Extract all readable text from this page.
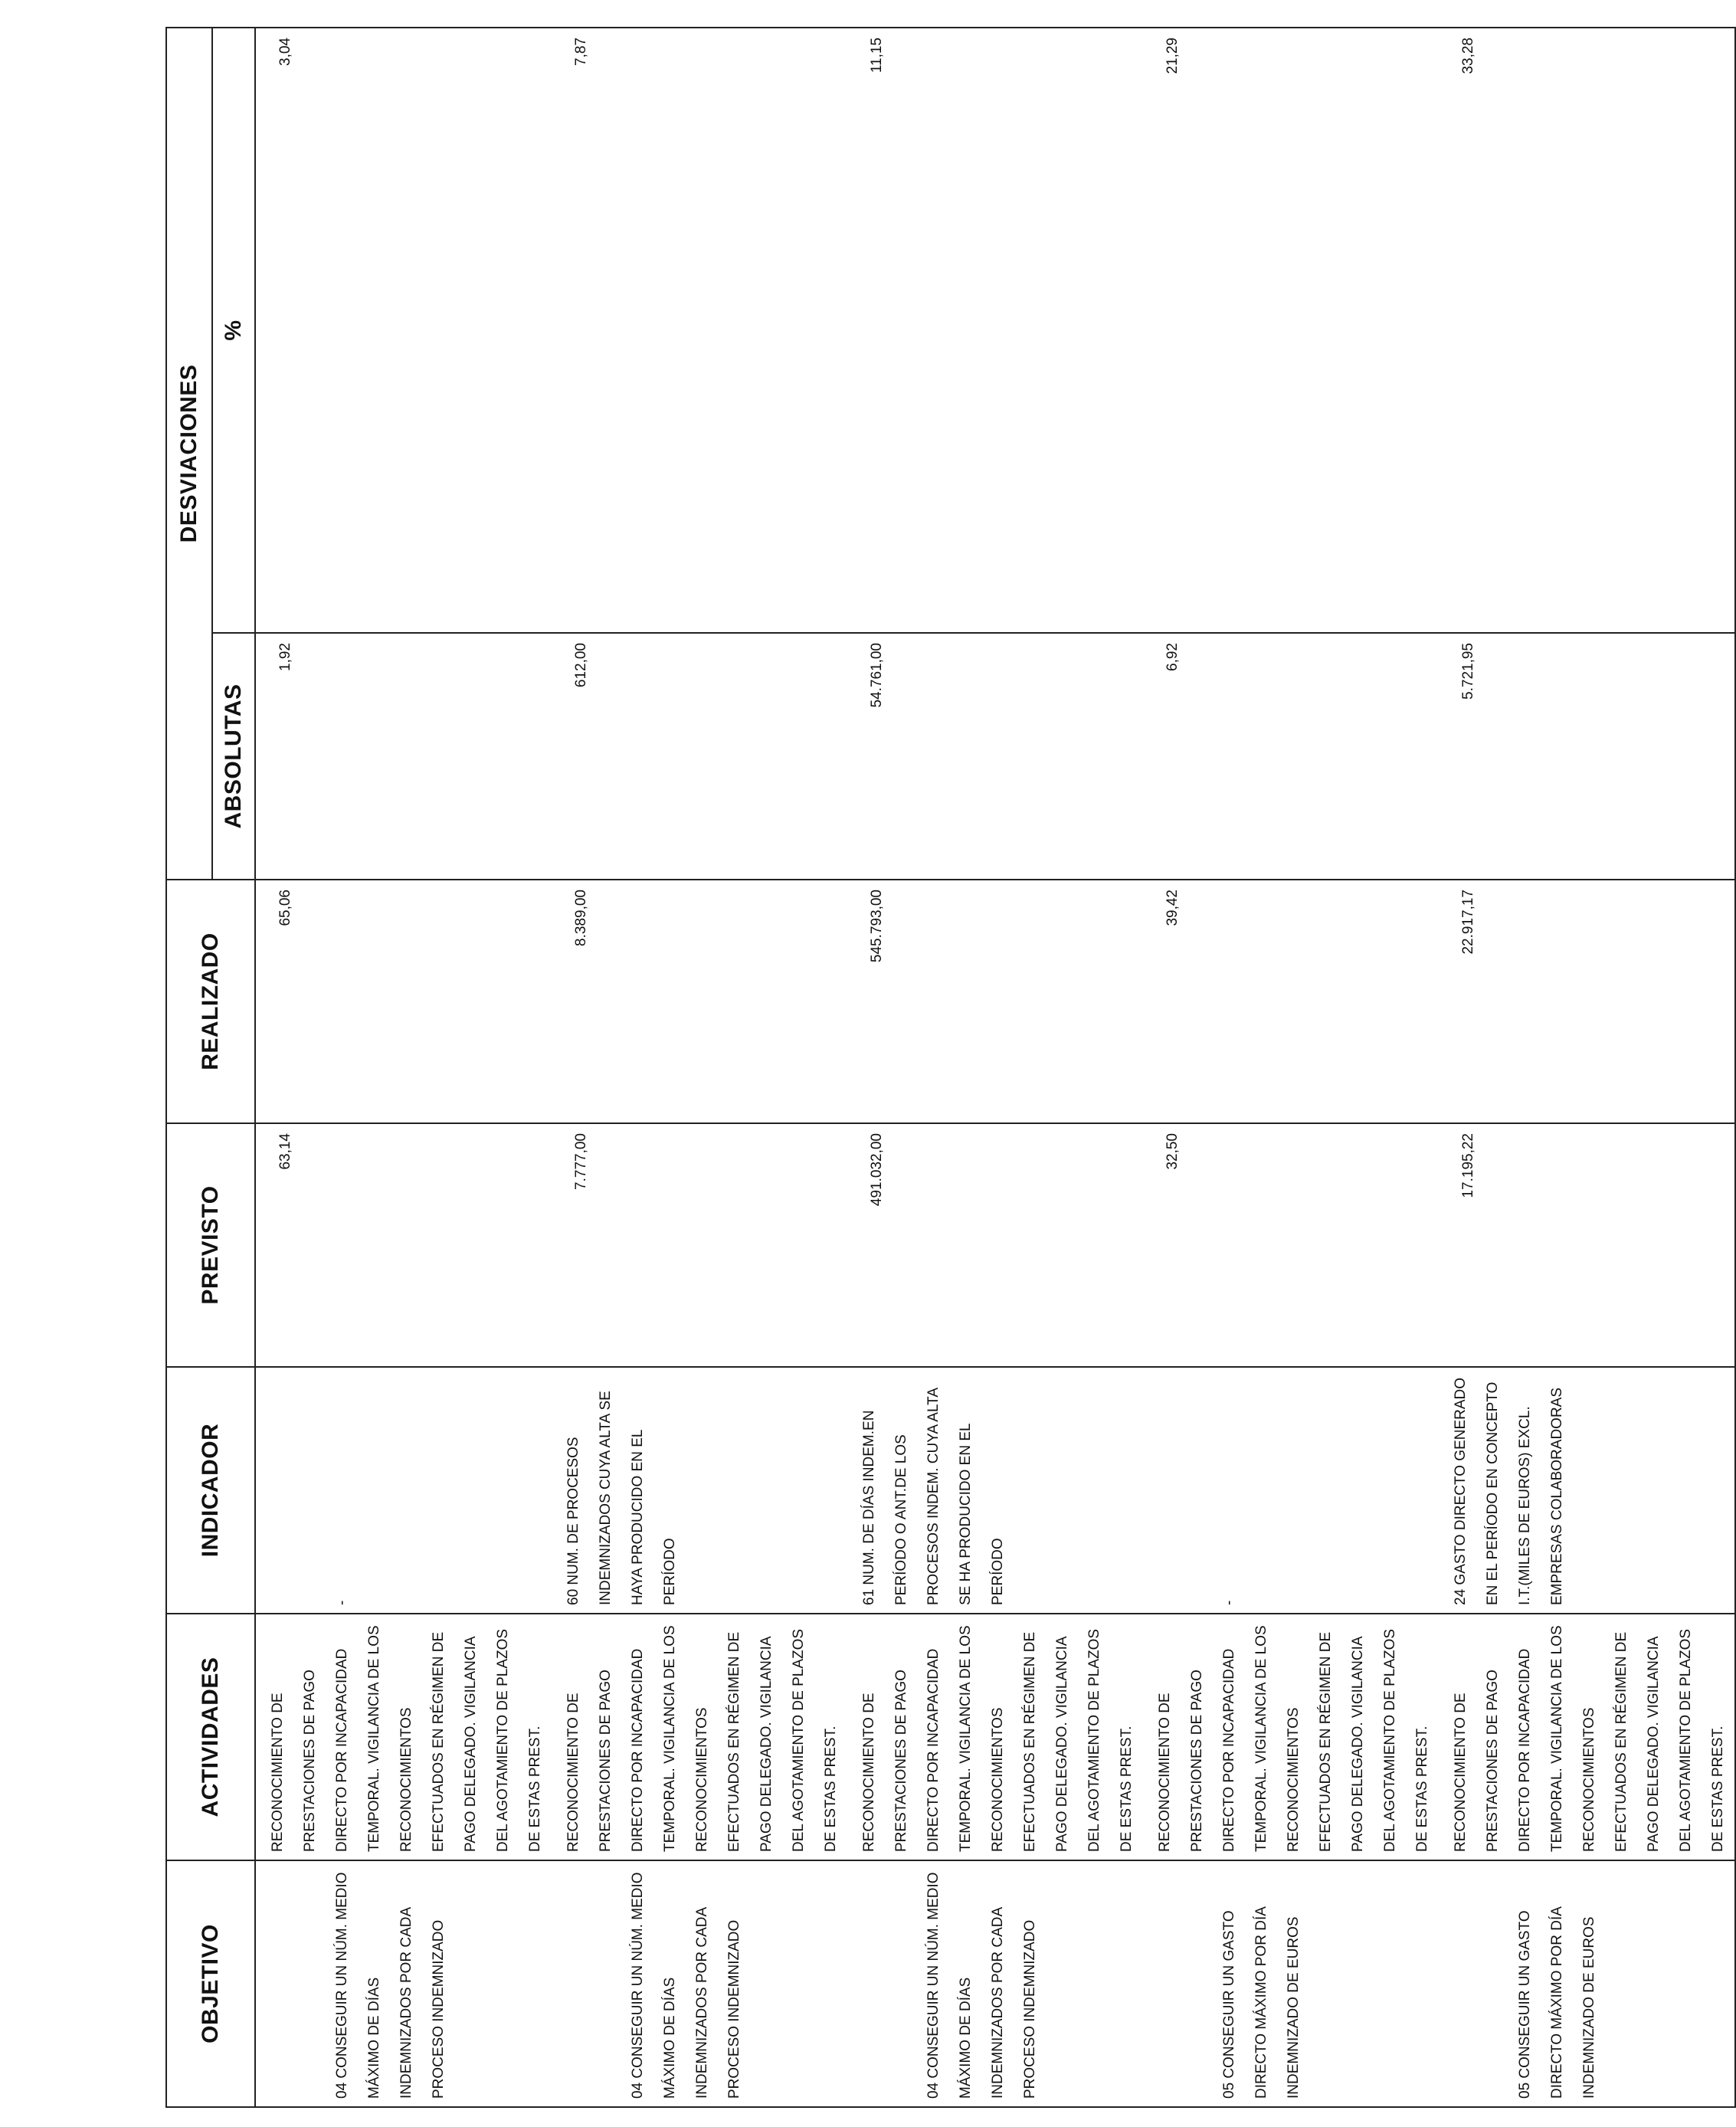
OBJETIVO	ACTIVIDADES	INDICADOR	PREVISTO	REALIZADO	DESVIACIONES	
					ABSOLUTAS	%
04 CONSEGUIR UN NÚM. MEDIO MÁXIMO DE DÍAS INDEMNIZADOS POR CADA PROCESO INDEMNIZADO	RECONOCIMIENTO DE PRESTACIONES DE PAGO DIRECTO POR INCAPACIDAD TEMPORAL. VIGILANCIA DE LOS RECONOCIMIENTOS EFECTUADOS EN RÉGIMEN DE PAGO DELEGADO. VIGILANCIA DEL AGOTAMIENTO DE PLAZOS DE ESTAS PREST.	-	63,14	65,06	1,92	3,04
04 CONSEGUIR UN NÚM. MEDIO MÁXIMO DE DÍAS INDEMNIZADOS POR CADA PROCESO INDEMNIZADO	RECONOCIMIENTO DE PRESTACIONES DE PAGO DIRECTO POR INCAPACIDAD TEMPORAL. VIGILANCIA DE LOS RECONOCIMIENTOS EFECTUADOS EN RÉGIMEN DE PAGO DELEGADO. VIGILANCIA DEL AGOTAMIENTO DE PLAZOS DE ESTAS PREST.	60 NUM. DE PROCESOS INDEMNIZADOS CUYA ALTA SE HAYA PRODUCIDO EN EL PERÍODO	7.777,00	8.389,00	612,00	7,87
04 CONSEGUIR UN NÚM. MEDIO MÁXIMO DE DÍAS INDEMNIZADOS POR CADA PROCESO INDEMNIZADO	RECONOCIMIENTO DE PRESTACIONES DE PAGO DIRECTO POR INCAPACIDAD TEMPORAL. VIGILANCIA DE LOS RECONOCIMIENTOS EFECTUADOS EN RÉGIMEN DE PAGO DELEGADO. VIGILANCIA DEL AGOTAMIENTO DE PLAZOS DE ESTAS PREST.	61 NUM. DE DÍAS INDEM.EN PERÍODO O ANT.DE LOS PROCESOS INDEM. CUYA ALTA SE HA PRODUCIDO EN EL PERÍODO	491.032,00	545.793,00	54.761,00	11,15
05 CONSEGUIR UN GASTO DIRECTO MÁXIMO POR DÍA INDEMNIZADO DE EUROS	RECONOCIMIENTO DE PRESTACIONES DE PAGO DIRECTO POR INCAPACIDAD TEMPORAL. VIGILANCIA DE LOS RECONOCIMIENTOS EFECTUADOS EN RÉGIMEN DE PAGO DELEGADO. VIGILANCIA DEL AGOTAMIENTO DE PLAZOS DE ESTAS PREST.	-	32,50	39,42	6,92	21,29
05 CONSEGUIR UN GASTO DIRECTO MÁXIMO POR DÍA INDEMNIZADO DE EUROS	RECONOCIMIENTO DE PRESTACIONES DE PAGO DIRECTO POR INCAPACIDAD TEMPORAL. VIGILANCIA DE LOS RECONOCIMIENTOS EFECTUADOS EN RÉGIMEN DE PAGO DELEGADO. VIGILANCIA DEL AGOTAMIENTO DE PLAZOS DE ESTAS PREST.	24 GASTO DIRECTO GENERADO EN EL PERÍODO EN CONCEPTO I.T.(MILES DE EUROS) EXCL. EMPRESAS COLABORADORAS	17.195,22	22.917,17	5.721,95	33,28
